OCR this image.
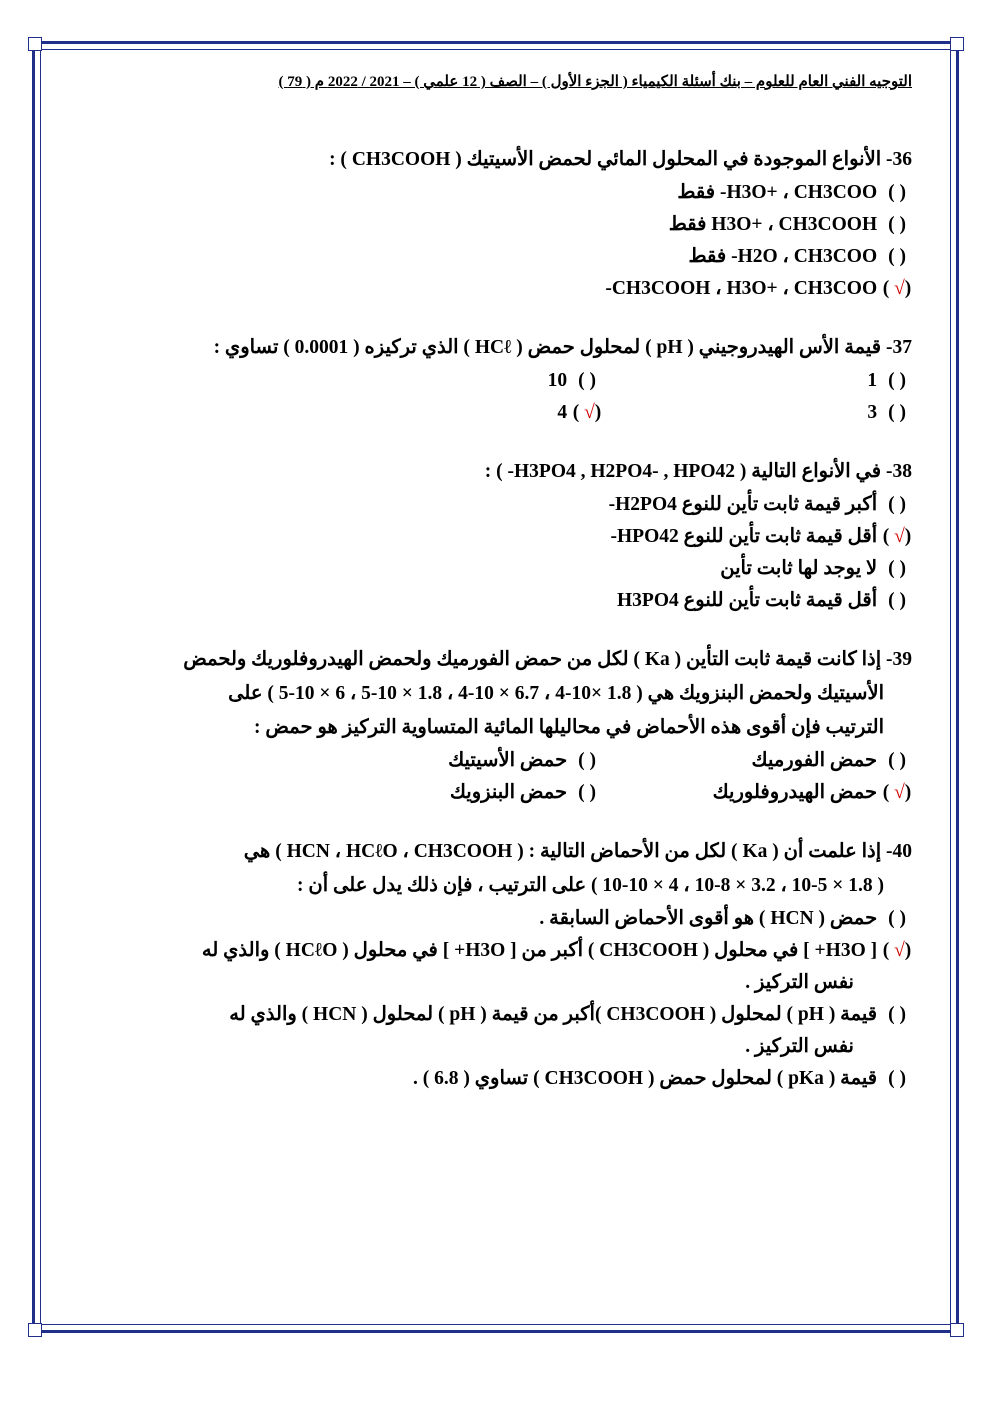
التوجيه الفني العام للعلوم – بنك أسئلة الكيمياء ( الجزء الأول ) – الصف ( 12 علمي ) – 2021 / 2022 م ( 79 )
36- الأنواع الموجودة في المحلول المائي لحمض الأسيتيك ( CH3COOH ) :
( ) H3O+ ، CH3COO- فقط
( ) H3O+ ، CH3COOH فقط
( ) H2O ، CH3COO- فقط
(√ ) CH3COOH ، H3O+ ، CH3COO-
37- قيمة الأس الهيدروجيني ( pH ) لمحلول حمض ( HCℓ ) الذي تركيزه ( 0.0001 ) تساوي :
( ) 1
( ) 10
( ) 3
(√ ) 4
38- في الأنواع التالية ( H3PO4 , H2PO4- , HPO42- ) :
( ) أكبر قيمة ثابت تأين للنوع H2PO4-
(√ ) أقل قيمة ثابت تأين للنوع HPO42-
( ) لا يوجد لها ثابت تأين
( ) أقل قيمة ثابت تأين للنوع H3PO4
39- إذا كانت قيمة ثابت التأين ( Ka ) لكل من حمض الفورميك ولحمض الهيدروفلوريك ولحمض
الأسيتيك ولحمض البنزويك هي ( 1.8 ×10-4 ، 6.7 × 10-4 ، 1.8 × 10-5 ، 6 × 10-5 ) على
الترتيب فإن أقوى هذه الأحماض في محاليلها المائية المتساوية التركيز هو حمض :
( ) حمض الفورميك
( ) حمض الأسيتيك
(√ ) حمض الهيدروفلوريك
( ) حمض البنزويك
40- إذا علمت أن ( Ka ) لكل من الأحماض التالية : ( HCN ، HCℓO ، CH3COOH ) هي
( 1.8 × 10-5 ، 3.2 × 10-8 ، 4 × 10-10 ) على الترتيب ، فإن ذلك يدل على أن :
( ) حمض ( HCN ) هو أقوى الأحماض السابقة .
(√ ) [ H3O+ ] في محلول ( CH3COOH ) أكبر من [ H3O+ ] في محلول ( HCℓO ) والذي له
نفس التركيز .
( ) قيمة ( pH ) لمحلول ( CH3COOH )أكبر من قيمة ( pH ) لمحلول ( HCN ) والذي له
نفس التركيز .
( ) قيمة ( pKa ) لمحلول حمض ( CH3COOH ) تساوي ( 6.8 ) .
